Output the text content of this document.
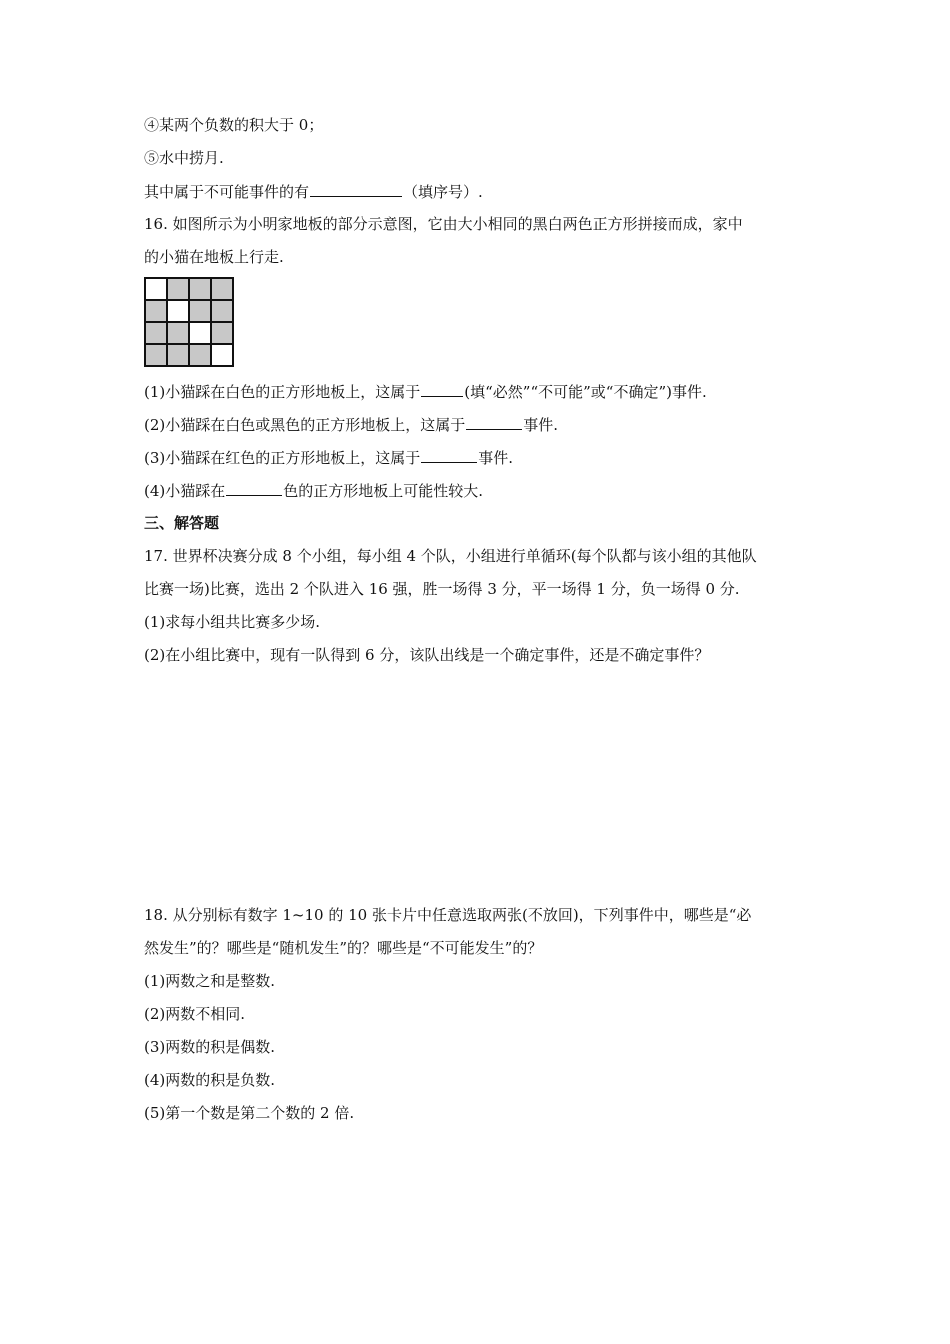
④某两个负数的积大于 0；
⑤水中捞月.
其中属于不可能事件的有	（填序号）.
16. 如图所示为小明家地板的部分示意图，它由大小相同的黑白两色正方形拼接而成，家中
的小猫在地板上行走.
(1)小猫踩在白色的正方形地板上，这属于	(填“必然”“不可能”或“不确定”)事件.
(2)小猫踩在白色或黑色的正方形地板上，这属于	事件.
(3)小猫踩在红色的正方形地板上，这属于	事件.
(4)小猫踩在	色的正方形地板上可能性较大.
三、解答题
17. 世界杯决赛分成 8 个小组，每小组 4 个队，小组进行单循环(每个队都与该小组的其他队
比赛一场)比赛，选出 2 个队进入 16 强，胜一场得 3 分，平一场得 1 分，负一场得 0 分.
(1)求每小组共比赛多少场.
(2)在小组比赛中，现有一队得到 6 分，该队出线是一个确定事件，还是不确定事件？
18. 从分别标有数字 1~10 的 10 张卡片中任意选取两张(不放回)，下列事件中，哪些是“必
然发生”的？哪些是“随机发生”的？哪些是“不可能发生”的？
(1)两数之和是整数.
(2)两数不相同.
(3)两数的积是偶数.
(4)两数的积是负数.
(5)第一个数是第二个数的 2 倍.
